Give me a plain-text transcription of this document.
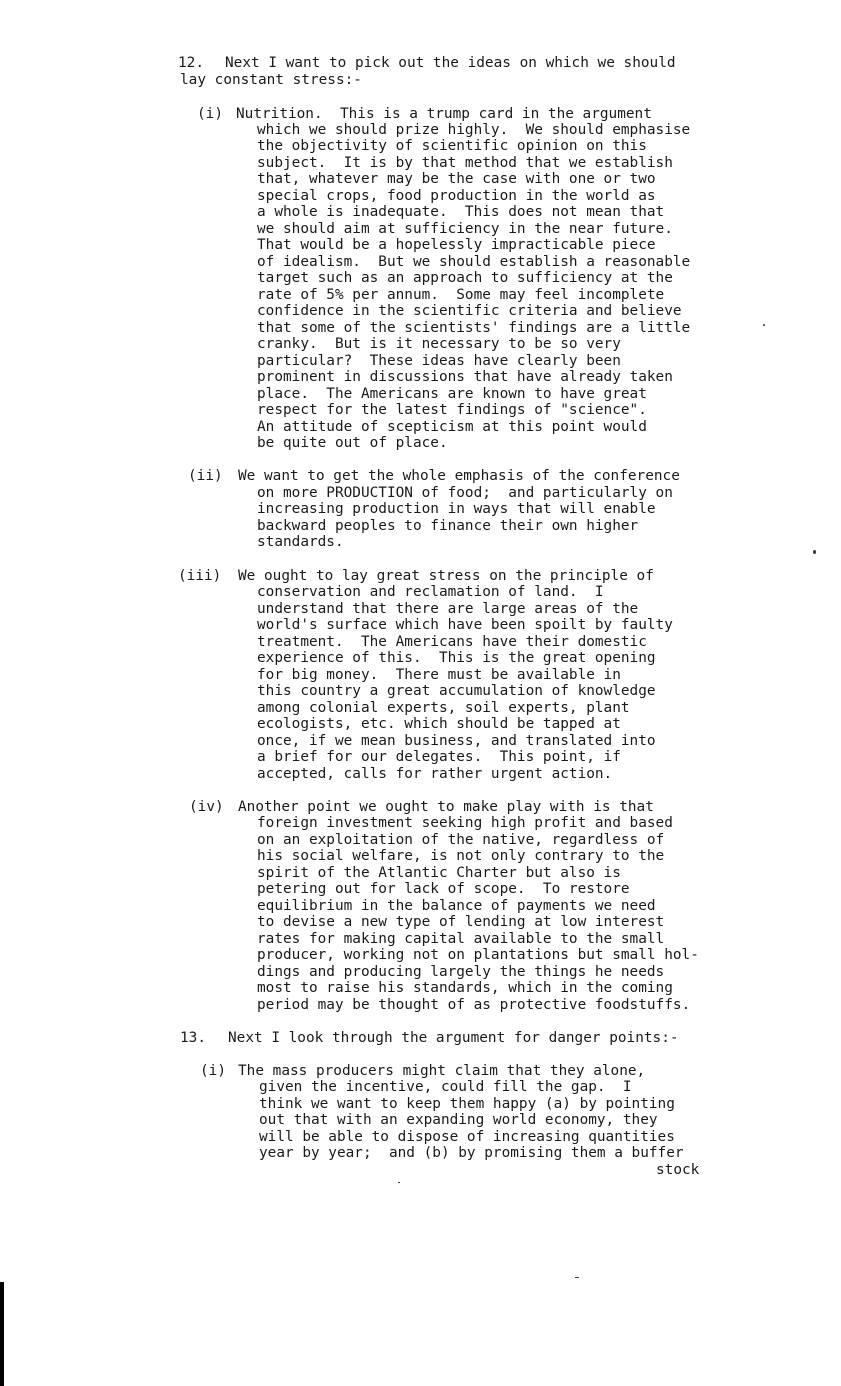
12. Next I want to pick out the ideas on which we should
lay constant stress:-
(i) Nutrition.  This is a trump card in the argument
which we should prize highly.  We should emphasise
the objectivity of scientific opinion on this
subject.  It is by that method that we establish
that, whatever may be the case with one or two
special crops, food production in the world as
a whole is inadequate.  This does not mean that
we should aim at sufficiency in the near future.
That would be a hopelessly impracticable piece
of idealism.  But we should establish a reasonable
target such as an approach to sufficiency at the
rate of 5% per annum.  Some may feel incomplete
confidence in the scientific criteria and believe
that some of the scientists' findings are a little
cranky.  But is it necessary to be so very
particular?  These ideas have clearly been
prominent in discussions that have already taken
place.  The Americans are known to have great
respect for the latest findings of "science".
An attitude of scepticism at this point would
be quite out of place.
(ii) We want to get the whole emphasis of the conference
on more PRODUCTION of food;  and particularly on
increasing production in ways that will enable
backward peoples to finance their own higher
standards.
(iii) We ought to lay great stress on the principle of
conservation and reclamation of land.  I
understand that there are large areas of the
world's surface which have been spoilt by faulty
treatment.  The Americans have their domestic
experience of this.  This is the great opening
for big money.  There must be available in
this country a great accumulation of knowledge
among colonial experts, soil experts, plant
ecologists, etc. which should be tapped at
once, if we mean business, and translated into
a brief for our delegates.  This point, if
accepted, calls for rather urgent action.
(iv) Another point we ought to make play with is that
foreign investment seeking high profit and based
on an exploitation of the native, regardless of
his social welfare, is not only contrary to the
spirit of the Atlantic Charter but also is
petering out for lack of scope.  To restore
equilibrium in the balance of payments we need
to devise a new type of lending at low interest
rates for making capital available to the small
producer, working not on plantations but small hol-
dings and producing largely the things he needs
most to raise his standards, which in the coming
period may be thought of as protective foodstuffs.
13. Next I look through the argument for danger points:-
(i) The mass producers might claim that they alone,
given the incentive, could fill the gap.  I
think we want to keep them happy (a) by pointing
out that with an expanding world economy, they
will be able to dispose of increasing quantities
year by year;  and (b) by promising them a buffer
stock
